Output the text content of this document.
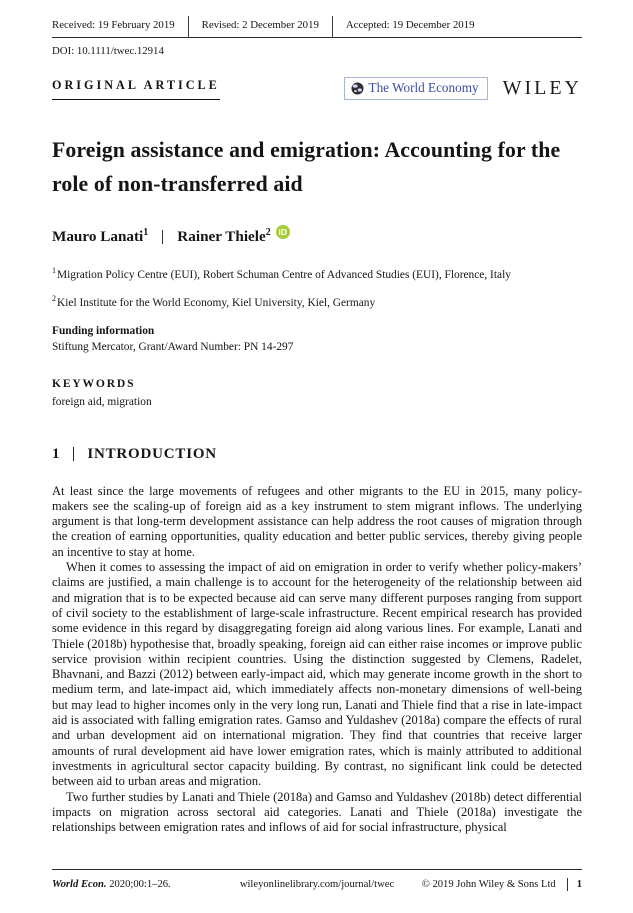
Received: 19 February 2019	Revised: 2 December 2019	Accepted: 19 December 2019
DOI: 10.1111/twec.12914
ORIGINAL ARTICLE	The World Economy WILEY
Foreign assistance and emigration: Accounting for the role of non-transferred aid
Mauro Lanati$^1$ Rainer Thiele$^2$ iD
$^1$Migration Policy Centre (EUI), Robert Schuman Centre of Advanced Studies (EUI), Florence, Italy
$^2$Kiel Institute for the World Economy, Kiel University, Kiel, Germany
Funding information
Stiftung Mercator, Grant/Award Number: PN 14-297
KEYWORDS
foreign aid, migration
1 INTRODUCTION

At least since the large movements of refugees and other migrants to the EU in 2015, many policy-makers see the scaling-up of foreign aid as a key instrument to stem migrant inflows. The underlying argument is that long-term development assistance can help address the root causes of migration through the creation of earning opportunities, quality education and better public services, thereby giving people an incentive to stay at home.

When it comes to assessing the impact of aid on emigration in order to verify whether policy-makers’ claims are justified, a main challenge is to account for the heterogeneity of the relationship between aid and migration that is to be expected because aid can serve many different purposes ranging from support of civil society to the establishment of large-scale infrastructure. Recent empirical research has provided some evidence in this regard by disaggregating foreign aid along various lines. For example, Lanati and Thiele (2018b) hypothesise that, broadly speaking, foreign aid can either raise incomes or improve public service provision within recipient countries. Using the distinction suggested by Clemens, Radelet, Bhavnani, and Bazzi (2012) between early-impact aid, which may generate income growth in the short to medium term, and late-impact aid, which immediately affects non-monetary dimensions of well-being but may lead to higher incomes only in the very long run, Lanati and Thiele find that a rise in late-impact aid is associated with falling emigration rates. Gamso and Yuldashev (2018a) compare the effects of rural and urban development aid on international migration. They find that countries that receive larger amounts of rural development aid have lower emigration rates, which is mainly attributed to additional investments in agricultural sector capacity building. By contrast, no significant link could be detected between aid to urban areas and migration.

Two further studies by Lanati and Thiele (2018a) and Gamso and Yuldashev (2018b) detect differential impacts on migration across sectoral aid categories. Lanati and Thiele (2018a) investigate the relationships between emigration rates and inflows of aid for social infrastructure, physical

World Econ. 2020;00:1–26.	wileyonlinelibrary.com/journal/twec	© 2019 John Wiley & Sons Ltd 1
